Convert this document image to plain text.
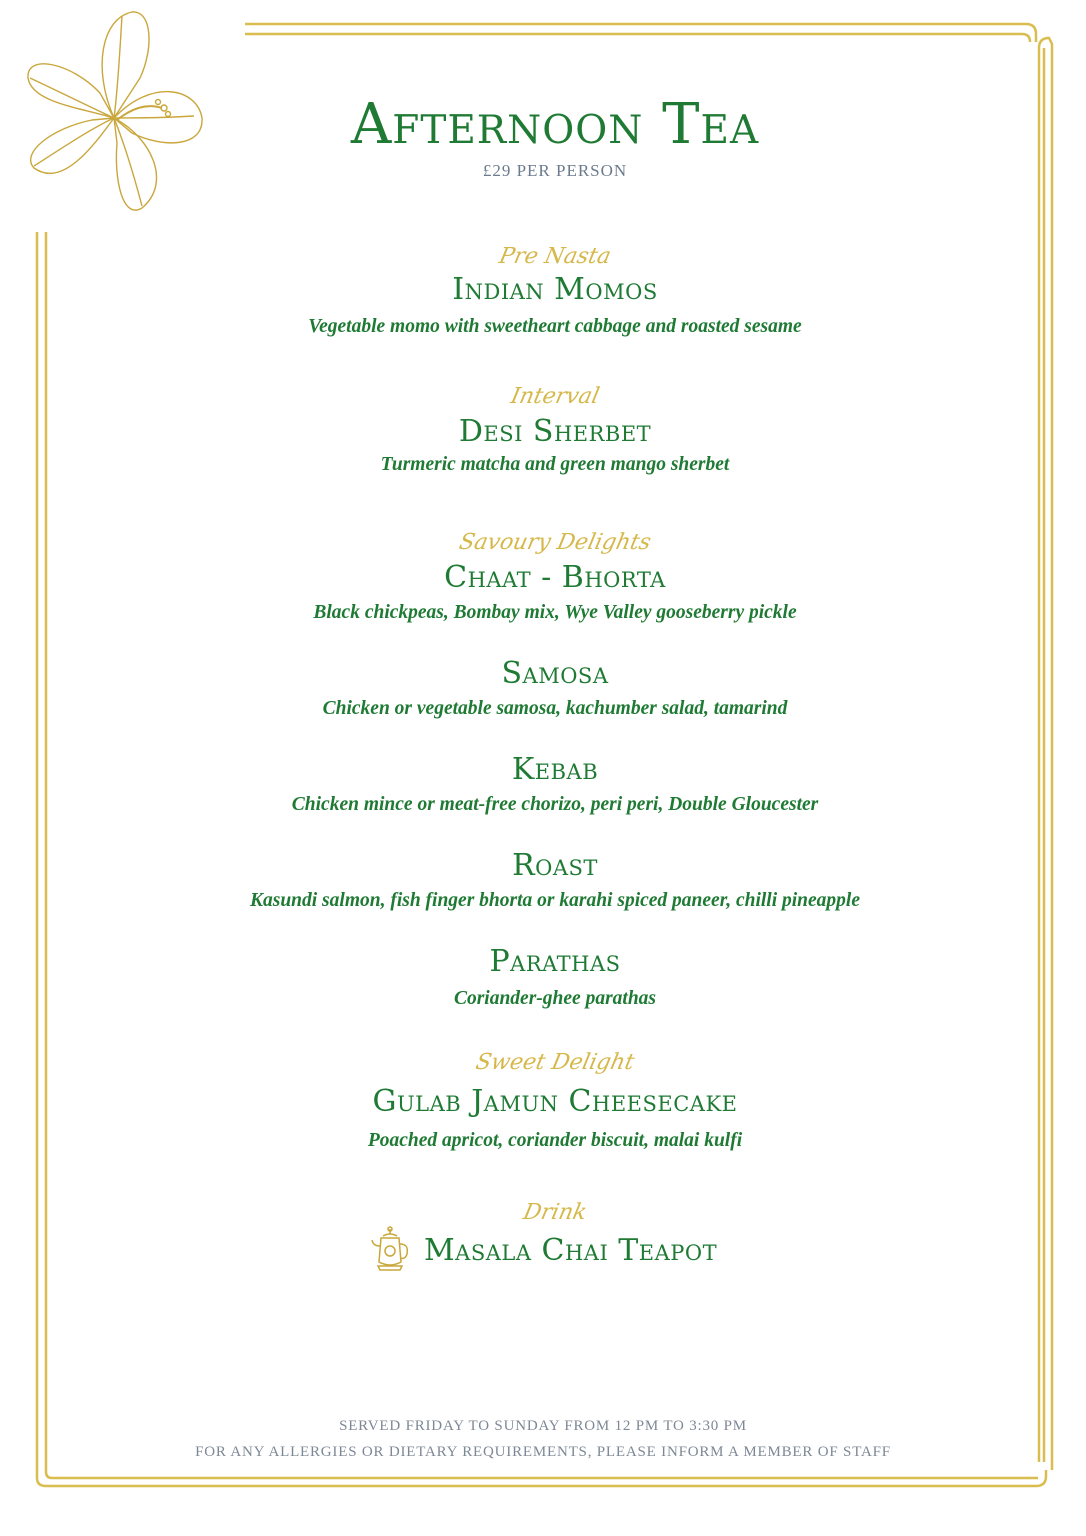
Afternoon Tea
£29 PER PERSON
Pre Nasta
Indian Momos
Vegetable momo with sweetheart cabbage and roasted sesame
Interval
Desi Sherbet
Turmeric matcha and green mango sherbet
Savoury Delights
Chaat - Bhorta
Black chickpeas, Bombay mix, Wye Valley gooseberry pickle
Samosa
Chicken or vegetable samosa, kachumber salad, tamarind
Kebab
Chicken mince or meat-free chorizo, peri peri, Double Gloucester
Roast
Kasundi salmon, fish finger bhorta or karahi spiced paneer, chilli pineapple
Parathas
Coriander-ghee parathas
Sweet Delight
Gulab Jamun Cheesecake
Poached apricot, coriander biscuit, malai kulfi
Drink
Masala Chai Teapot
SERVED FRIDAY TO SUNDAY FROM 12 PM TO 3:30 PM
FOR ANY ALLERGIES OR DIETARY REQUIREMENTS, PLEASE INFORM A MEMBER OF STAFF
